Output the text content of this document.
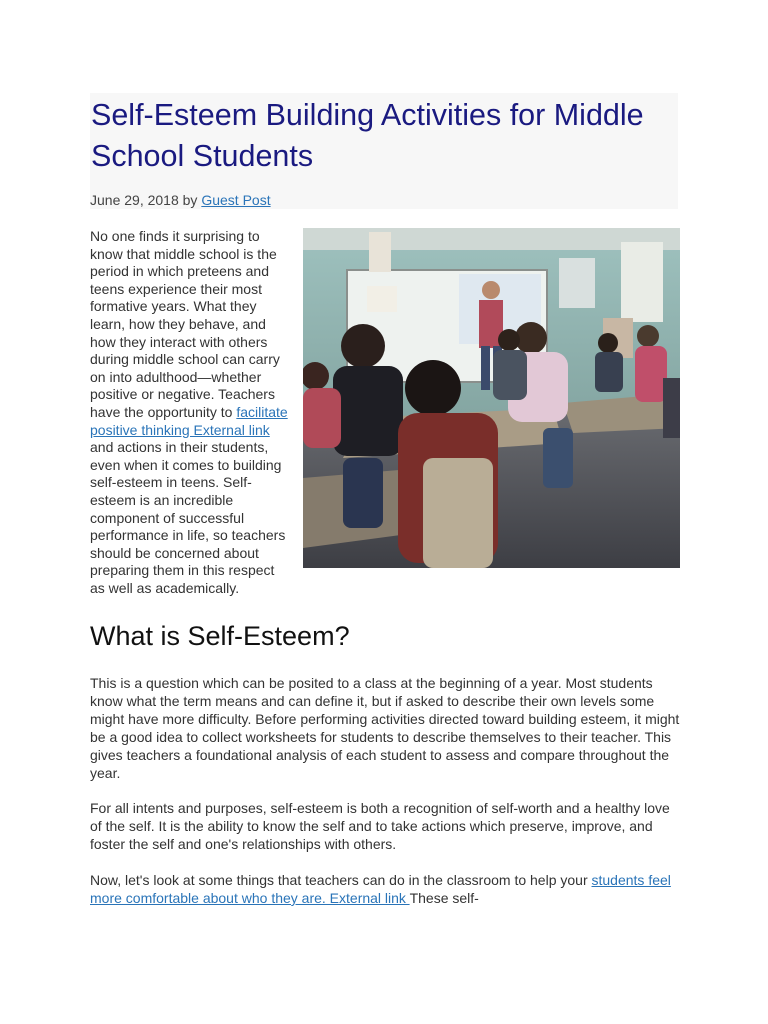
Self-Esteem Building Activities for Middle School Students
June 29, 2018 by Guest Post

No one finds it surprising to know that middle school is the period in which preteens and teens experience their most formative years. What they learn, how they behave, and how they interact with others during middle school can carry on into adulthood—whether positive or negative. Teachers have the opportunity to facilitate positive thinking External link and actions in their students, even when it comes to building self-esteem in teens. Self-esteem is an incredible component of successful performance in life, so teachers should be concerned about preparing them in this respect as well as academically.

What is Self-Esteem?

This is a question which can be posited to a class at the beginning of a year. Most students know what the term means and can define it, but if asked to describe their own levels some might have more difficulty. Before performing activities directed toward building esteem, it might be a good idea to collect worksheets for students to describe themselves to their teacher. This gives teachers a foundational analysis of each student to assess and compare throughout the year.

For all intents and purposes, self-esteem is both a recognition of self-worth and a healthy love of the self. It is the ability to know the self and to take actions which preserve, improve, and foster the self and one's relationships with others.

Now, let's look at some things that teachers can do in the classroom to help your students feel more comfortable about who they are. External link These self-
